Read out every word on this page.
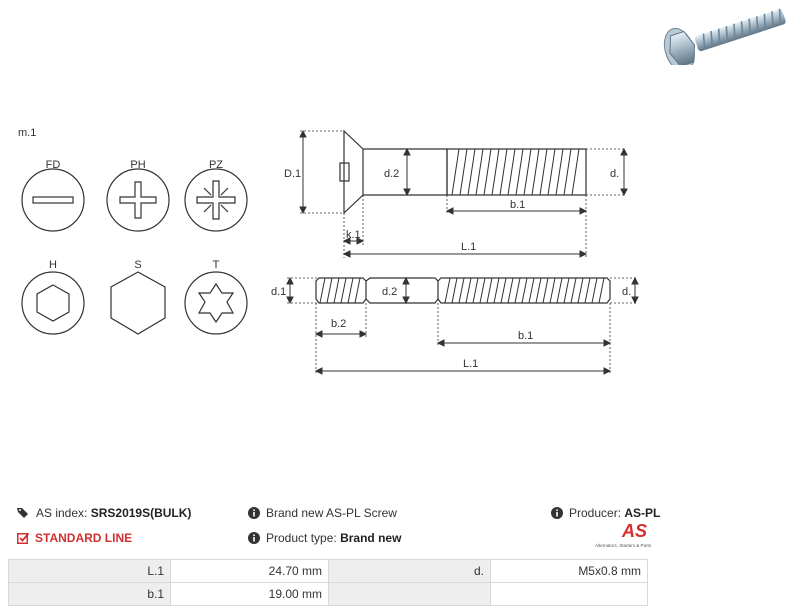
m.1
FD	PH	PZ
H	S	T
D.1	d.2	d.
b.1
k.1
L.1
d.1	d.2	d.
b.2
b.1
L.1
AS index:
SRS2019S(BULK)	Brand new AS-PL Screw	Producer:
AS-PL
STANDARD LINE	Product type:
Brand new	AS
Alternators, Starters & Parts
L.1	24.70 mm	d.	M5x0.8 mm
b.1	19.00 mm		
